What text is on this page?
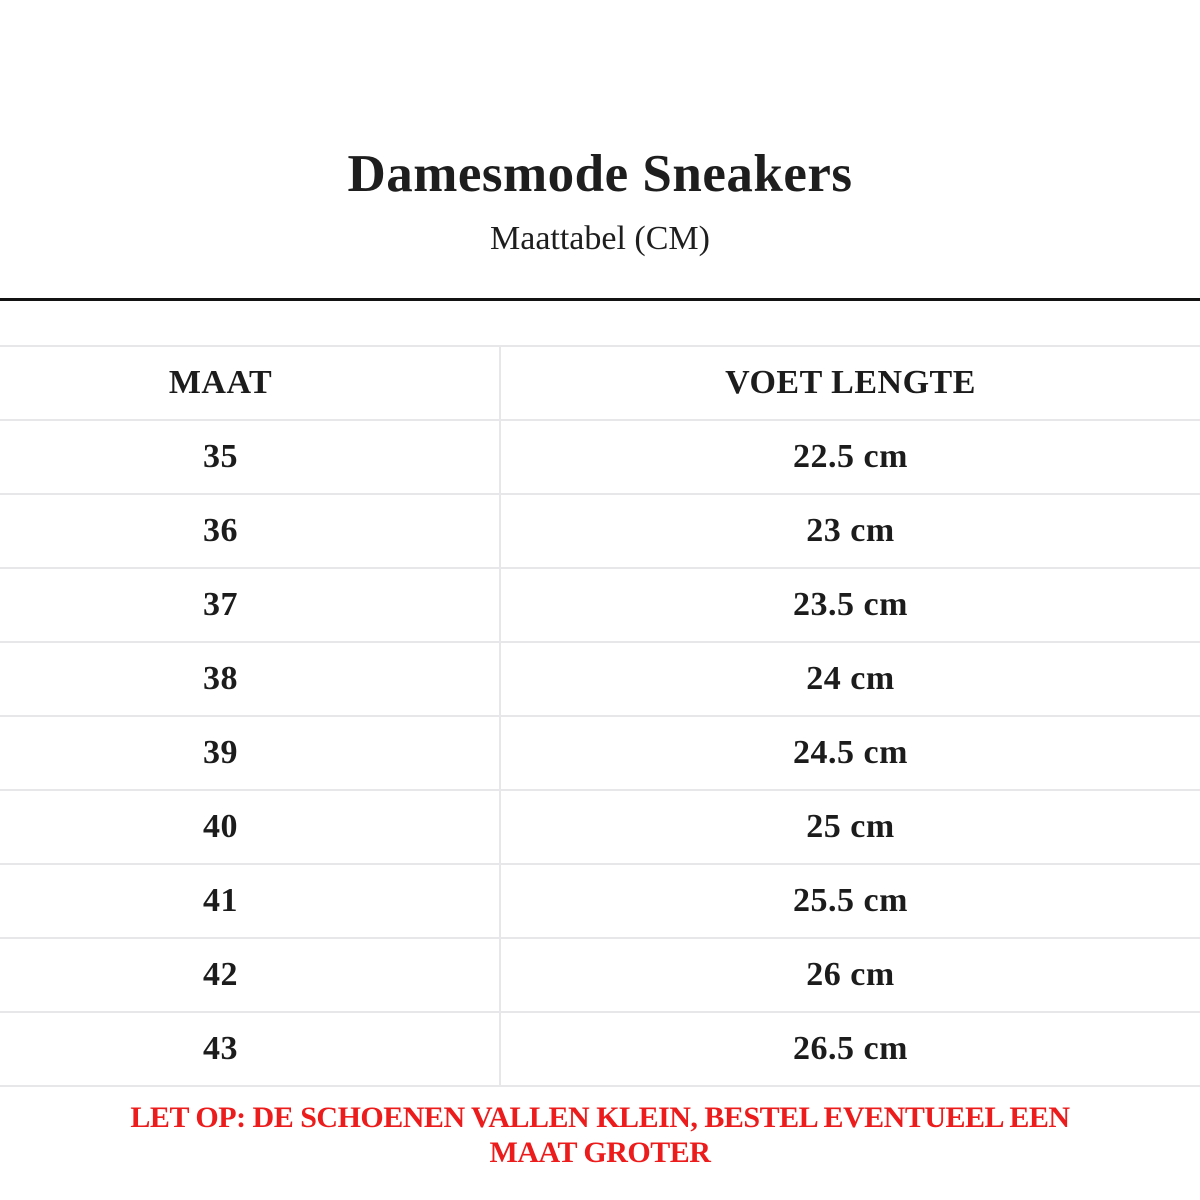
Damesmode Sneakers
Maattabel (CM)
MAAT	VOET LENGTE
35	22.5 cm
36	23 cm
37	23.5 cm
38	24 cm
39	24.5 cm
40	25 cm
41	25.5 cm
42	26 cm
43	26.5 cm
LET OP: DE SCHOENEN VALLEN KLEIN, BESTEL EVENTUEEL EEN
MAAT GROTER
